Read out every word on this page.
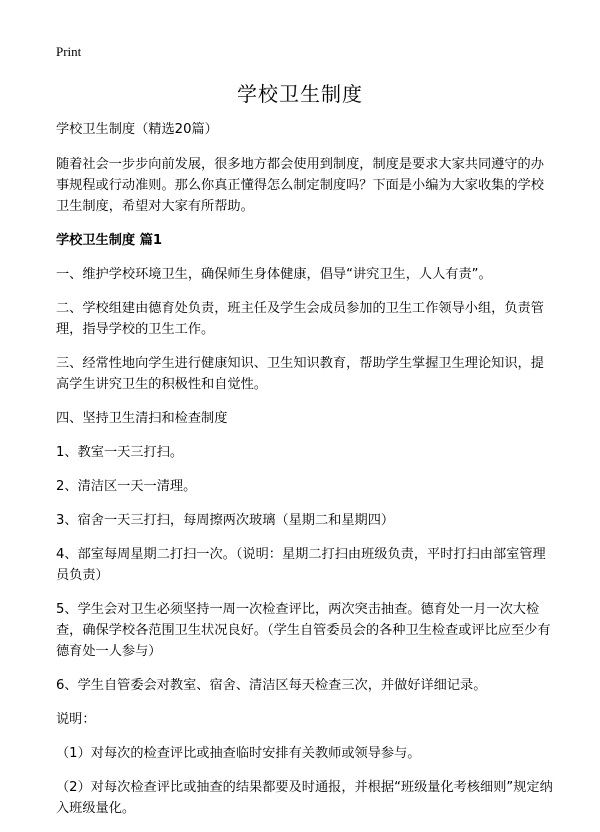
Print
学校卫生制度

学校卫生制度（精选20篇）

随着社会一步步向前发展，很多地方都会使用到制度，制度是要求大家共同遵守的办事规程或行动准则。那么你真正懂得怎么制定制度吗？下面是小编为大家收集的学校卫生制度，希望对大家有所帮助。

学校卫生制度 篇1

一、维护学校环境卫生，确保师生身体健康，倡导“讲究卫生，人人有责”。

二、学校组建由德育处负责，班主任及学生会成员参加的卫生工作领导小组，负责管理，指导学校的卫生工作。

三、经常性地向学生进行健康知识、卫生知识教育，帮助学生掌握卫生理论知识，提高学生讲究卫生的积极性和自觉性。

四、坚持卫生清扫和检查制度

1、教室一天三打扫。

2、清洁区一天一清理。

3、宿舍一天三打扫，每周擦两次玻璃（星期二和星期四）

4、部室每周星期二打扫一次。（说明：星期二打扫由班级负责，平时打扫由部室管理员负责）

5、学生会对卫生必须坚持一周一次检查评比，两次突击抽查。德育处一月一次大检查，确保学校各范围卫生状况良好。（学生自管委员会的各种卫生检查或评比应至少有德育处一人参与）

6、学生自管委会对教室、宿舍、清洁区每天检查三次，并做好详细记录。

说明：

（1）对每次的检查评比或抽查临时安排有关教师或领导参与。

（2）对每次检查评比或抽查的结果都要及时通报，并根据“班级量化考核细则”规定纳入班级量化。
